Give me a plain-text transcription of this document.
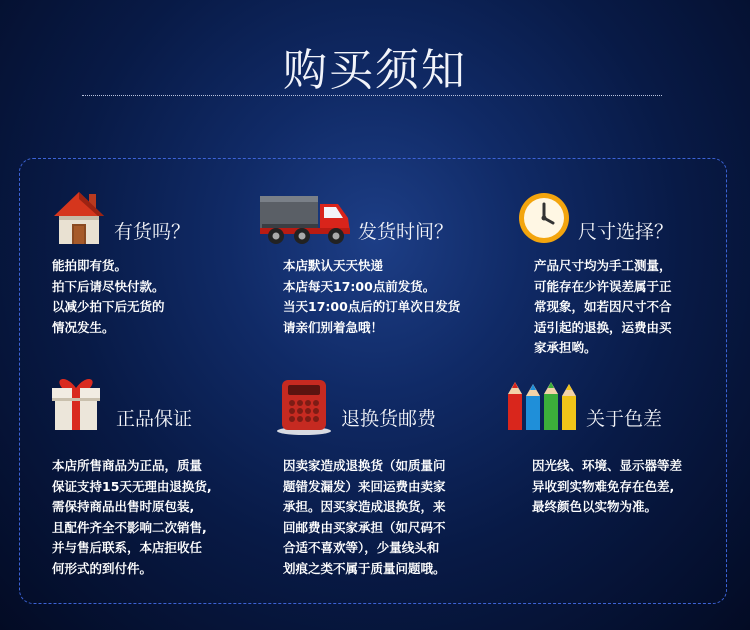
购买须知
有货吗？
能拍即有货。
拍下后请尽快付款。
以减少拍下后无货的
情况发生。
发货时间？
本店默认天天快递
本店每天17:00点前发货。
当天17:00点后的订单次日发货
请亲们别着急哦！
尺寸选择？
产品尺寸均为手工测量，
可能存在少许误差属于正
常现象，如若因尺寸不合
适引起的退换，运费由买
家承担哟。
正品保证
本店所售商品为正品，质量
保证支持15天无理由退换货,
需保持商品出售时原包装,
且配件齐全不影响二次销售,
并与售后联系，本店拒收任
何形式的到付件。
退换货邮费
因卖家造成退换货（如质量问
题错发漏发）来回运费由卖家
承担。因买家造成退换货，来
回邮费由买家承担（如尺码不
合适不喜欢等），少量线头和
划痕之类不属于质量问题哦。
关于色差
因光线、环境、显示器等差
异收到实物难免存在色差,
最终颜色以实物为准。
